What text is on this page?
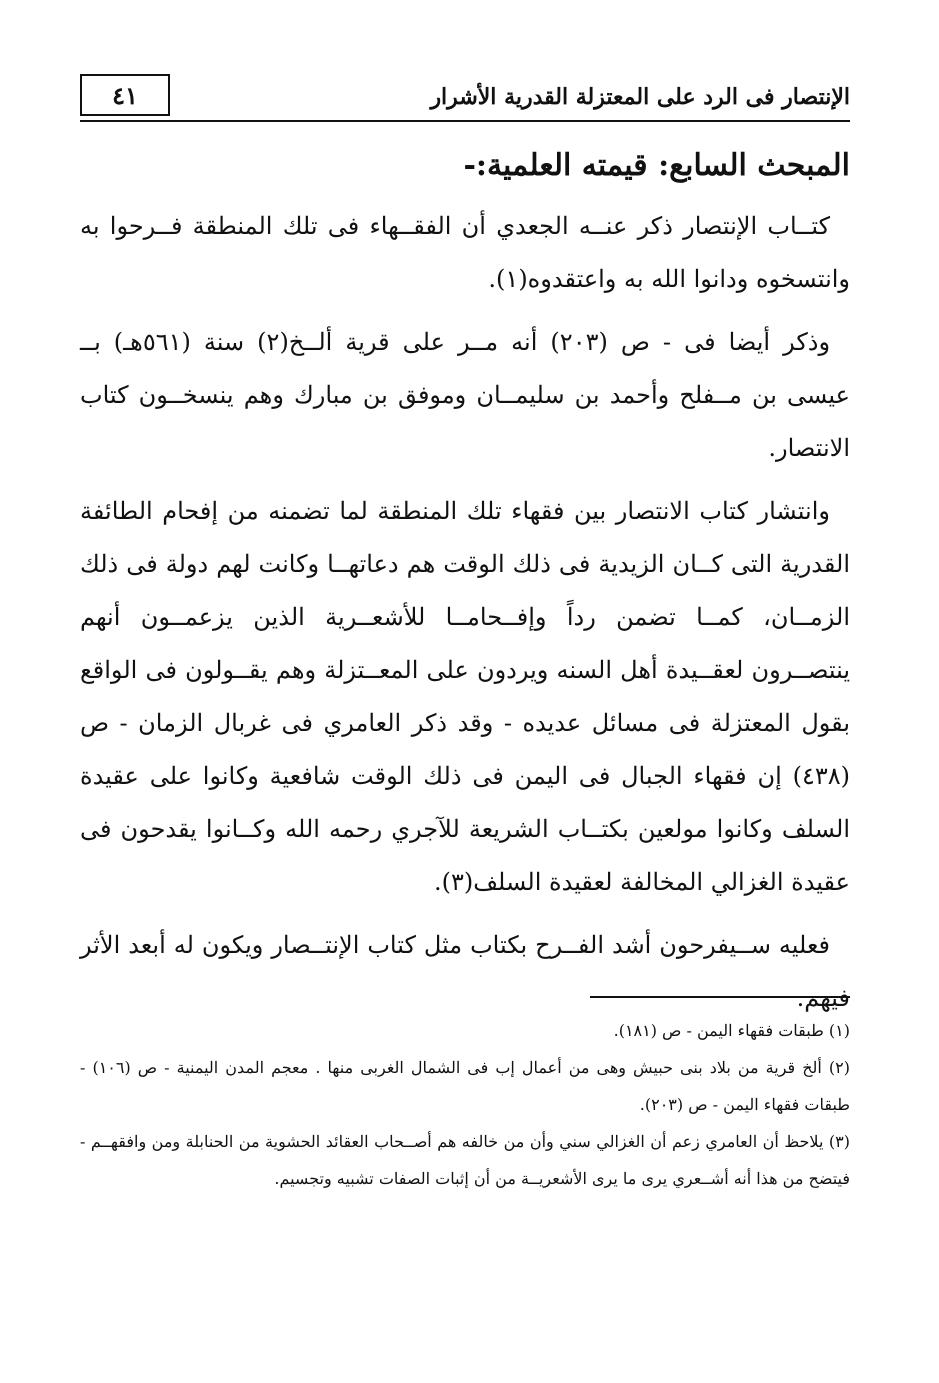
٤١	الإنتصار فى الرد على المعتزلة القدرية الأشرار
المبحث السابع: قيمته العلمية:-

كتــاب الإنتصار ذكر عنــه الجعدي أن الفقــهاء فى تلك المنطقة فــرحوا به وانتسخوه ودانوا الله به واعتقدوه(١).

وذكر أيضا فى - ص (٢٠٣) أنه مــر على قرية ألــخ(٢) سنة (٥٦١هـ) بــ عيسى بن مــفلح وأحمد بن سليمــان وموفق بن مبارك وهم ينسخــون كتاب الانتصار.

وانتشار كتاب الانتصار بين فقهاء تلك المنطقة لما تضمنه من إفحام الطائفة القدرية التى كــان الزيدية فى ذلك الوقت هم دعاتهــا وكانت لهم دولة فى ذلك الزمــان، كمــا تضمن رداً وإفــحامــا للأشعــرية الذين يزعمــون أنهم ينتصــرون لعقــيدة أهل السنه ويردون على المعــتزلة وهم يقــولون فى الواقع بقول المعتزلة فى مسائل عديده - وقد ذكر العامري فى غربال الزمان - ص (٤٣٨) إن فقهاء الجبال فى اليمن فى ذلك الوقت شافعية وكانوا على عقيدة السلف وكانوا مولعين بكتــاب الشريعة للآجري رحمه الله وكــانوا يقدحون فى عقيدة الغزالي المخالفة لعقيدة السلف(٣).

فعليه ســيفرحون أشد الفــرح بكتاب مثل كتاب الإنتــصار ويكون له أبعد الأثر فيهم.

(١) طبقات فقهاء اليمن - ص (١٨١).

(٢) ألخ قرية من بلاد بنى حبيش وهى من أعمال إب فى الشمال الغربى منها . معجم المدن اليمنية - ص (١٠٦) - طبقات فقهاء اليمن - ص (٢٠٣).

(٣) يلاحظ أن العامري زعم أن الغزالي سني وأن من خالفه هم أصــحاب العقائد الحشوية من الحنابلة ومن وافقهــم - فيتضح من هذا أنه أشــعري يرى ما يرى الأشعريــة من أن إثبات الصفات تشبيه وتجسيم.
